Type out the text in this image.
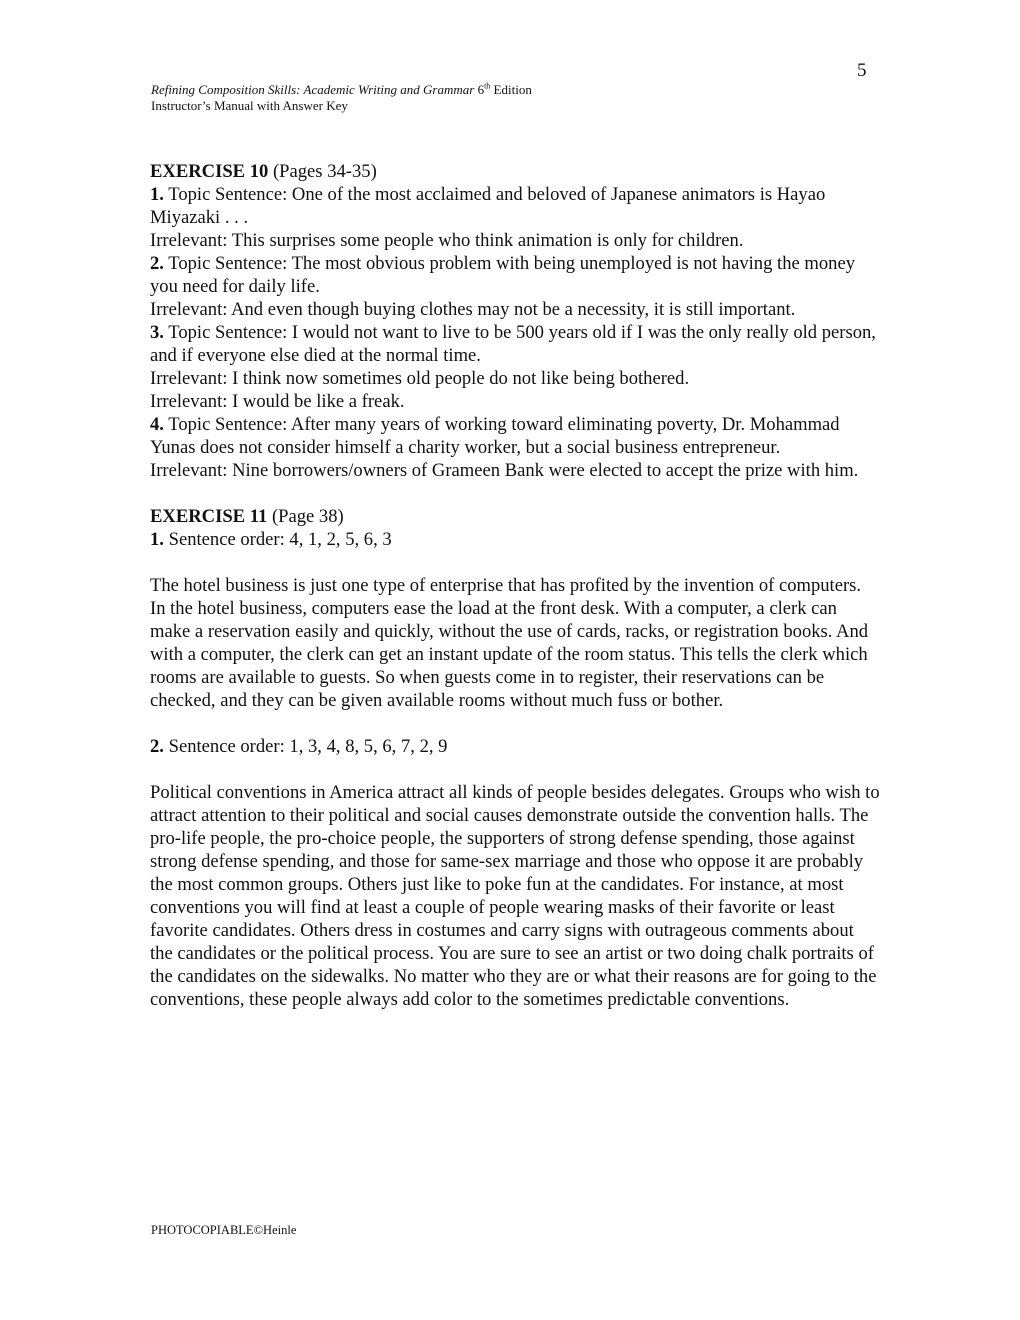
5
Refining Composition Skills: Academic Writing and Grammar 6th Edition
Instructor’s Manual with Answer Key

EXERCISE 10 (Pages 34-35)

1. Topic Sentence: One of the most acclaimed and beloved of Japanese animators is Hayao Miyazaki . . .

Irrelevant: This surprises some people who think animation is only for children.

2. Topic Sentence: The most obvious problem with being unemployed is not having the money you need for daily life.

Irrelevant: And even though buying clothes may not be a necessity, it is still important.

3. Topic Sentence: I would not want to live to be 500 years old if I was the only really old person, and if everyone else died at the normal time.

Irrelevant: I think now sometimes old people do not like being bothered.

Irrelevant: I would be like a freak.

4. Topic Sentence: After many years of working toward eliminating poverty, Dr. Mohammad Yunas does not consider himself a charity worker, but a social business entrepreneur.

Irrelevant: Nine borrowers/owners of Grameen Bank were elected to accept the prize with him.

EXERCISE 11 (Page 38)

1. Sentence order: 4, 1, 2, 5, 6, 3

The hotel business is just one type of enterprise that has profited by the invention of computers. In the hotel business, computers ease the load at the front desk. With a computer, a clerk can make a reservation easily and quickly, without the use of cards, racks, or registration books. And with a computer, the clerk can get an instant update of the room status. This tells the clerk which rooms are available to guests. So when guests come in to register, their reservations can be checked, and they can be given available rooms without much fuss or bother.

2. Sentence order: 1, 3, 4, 8, 5, 6, 7, 2, 9

Political conventions in America attract all kinds of people besides delegates. Groups who wish to attract attention to their political and social causes demonstrate outside the convention halls. The pro-life people, the pro-choice people, the supporters of strong defense spending, those against strong defense spending, and those for same-sex marriage and those who oppose it are probably the most common groups. Others just like to poke fun at the candidates. For instance, at most conventions you will find at least a couple of people wearing masks of their favorite or least favorite candidates. Others dress in costumes and carry signs with outrageous comments about the candidates or the political process. You are sure to see an artist or two doing chalk portraits of the candidates on the sidewalks. No matter who they are or what their reasons are for going to the conventions, these people always add color to the sometimes predictable conventions.

PHOTOCOPIABLE©Heinle
